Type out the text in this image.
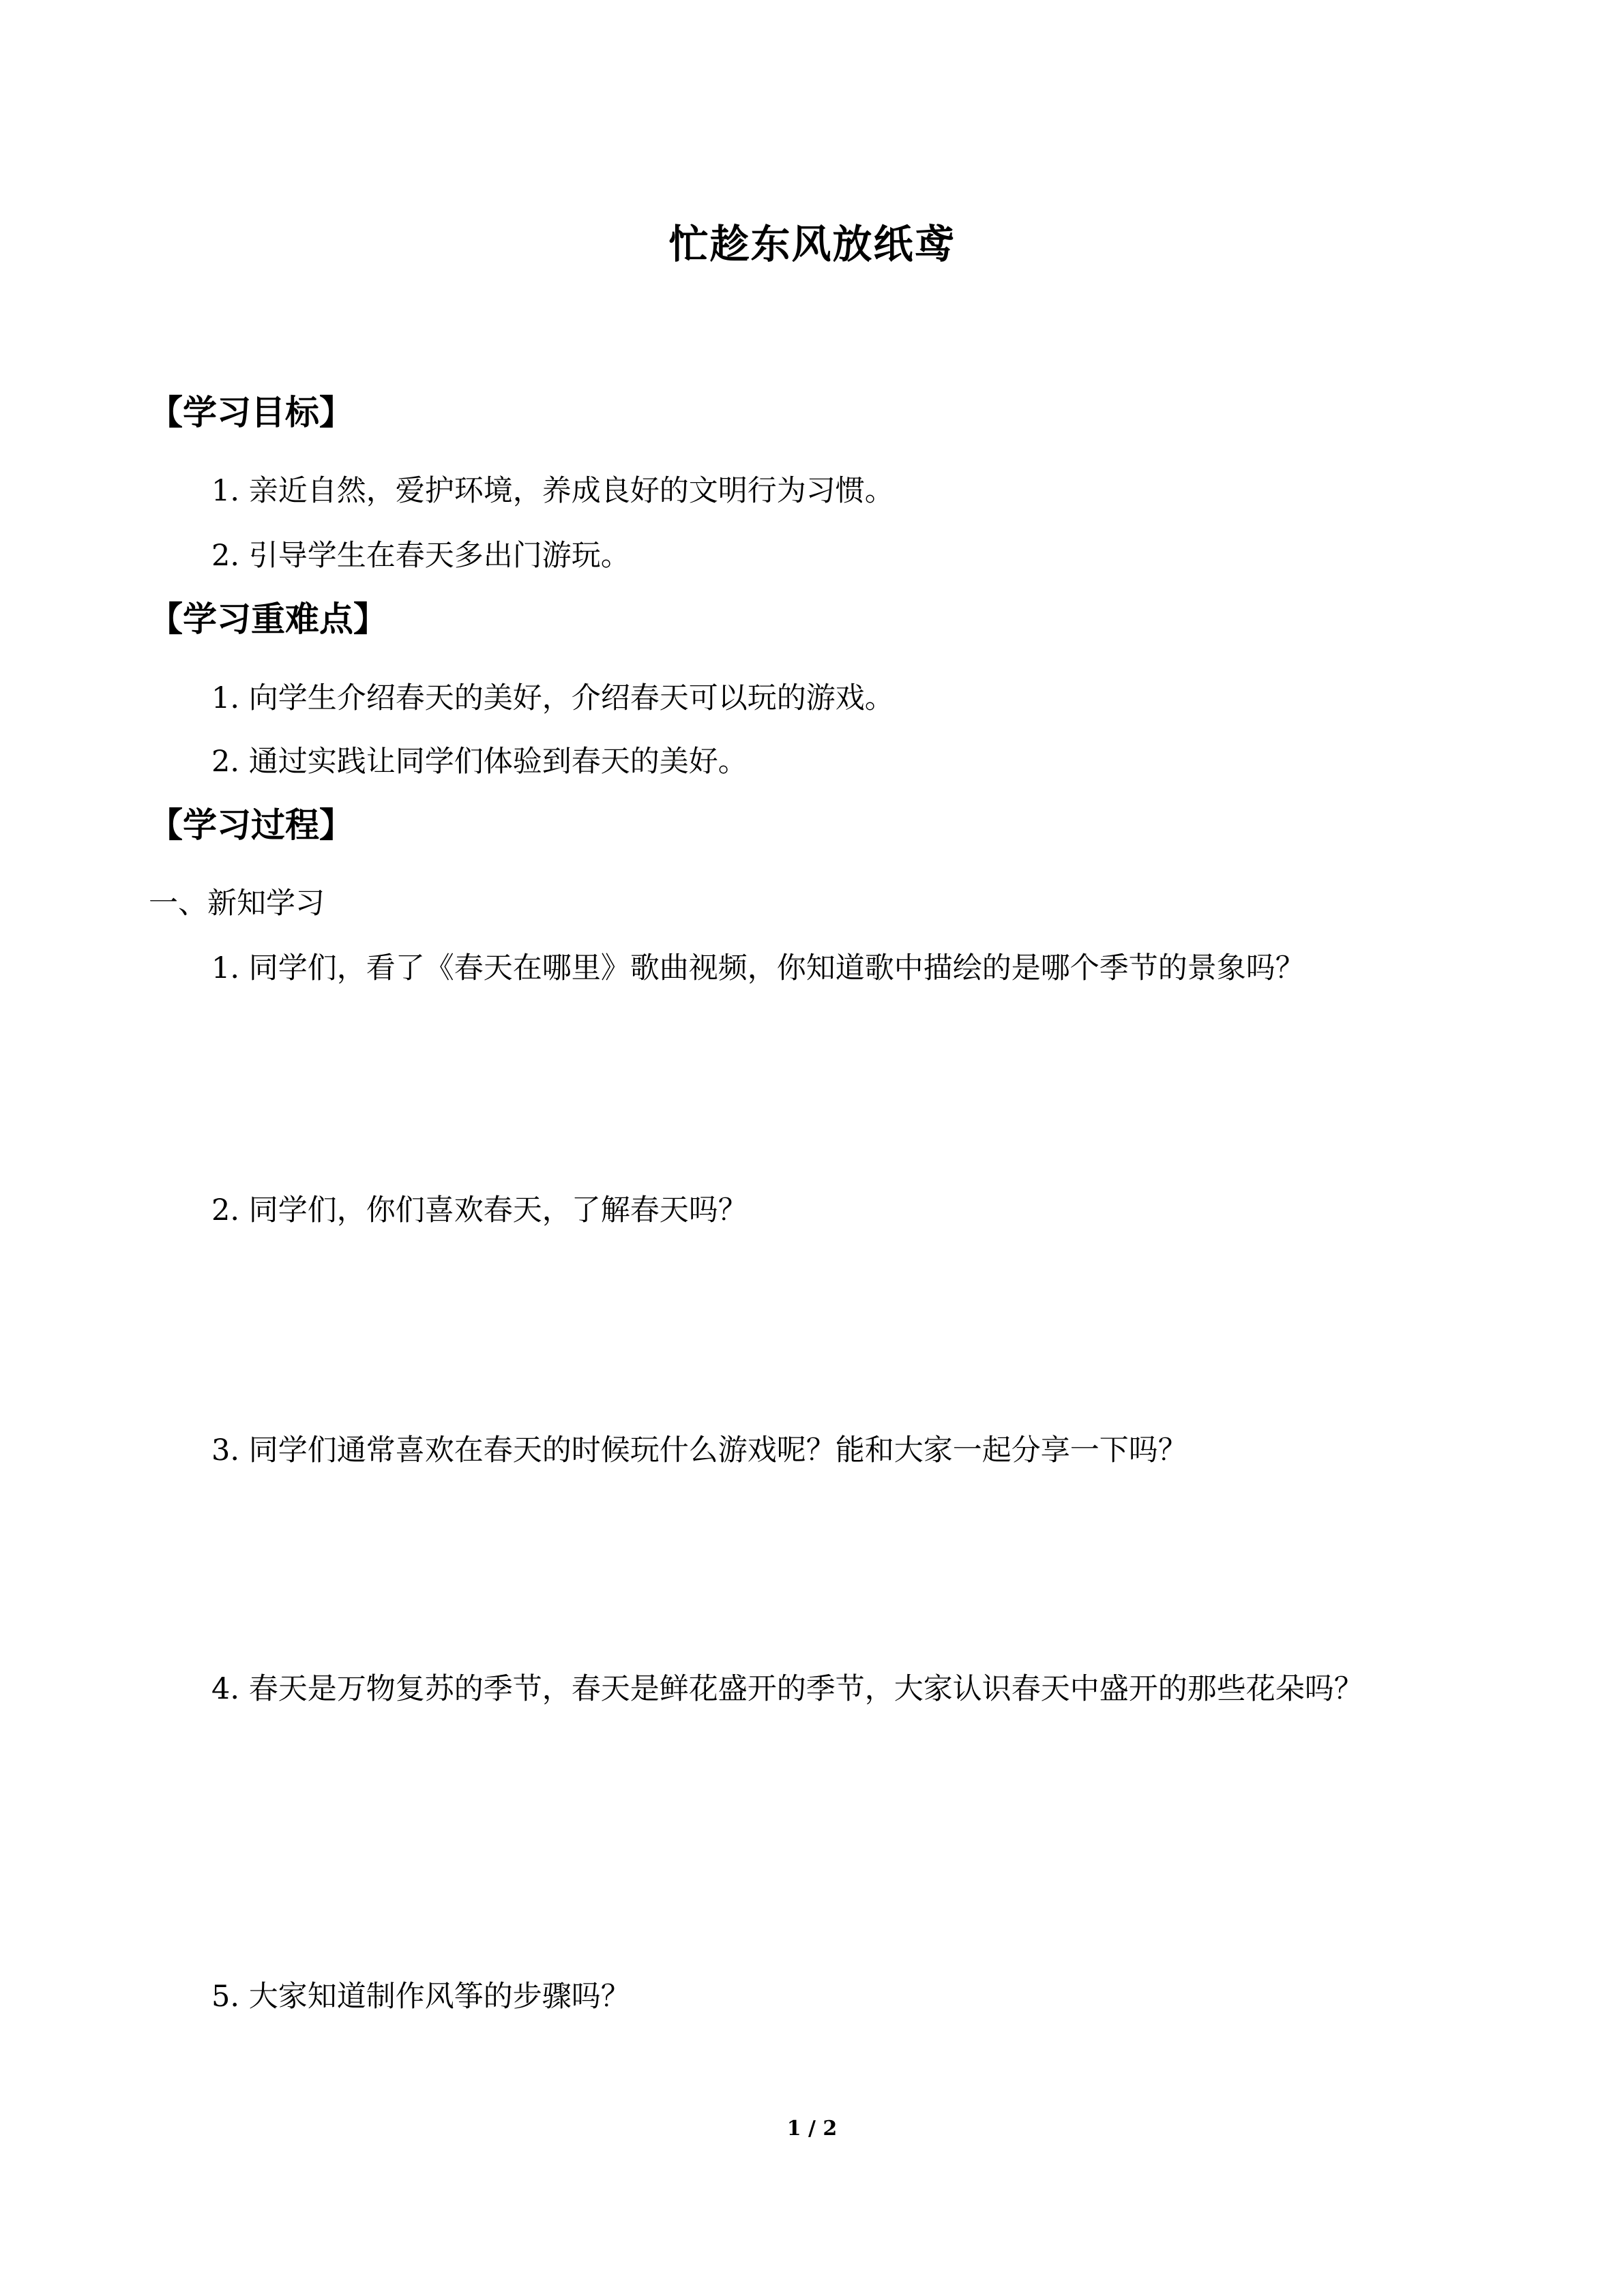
忙趁东风放纸鸢
【学习目标】
1. 亲近自然，爱护环境，养成良好的文明行为习惯。
2. 引导学生在春天多出门游玩。
【学习重难点】
1. 向学生介绍春天的美好，介绍春天可以玩的游戏。
2. 通过实践让同学们体验到春天的美好。
【学习过程】
一、新知学习
1. 同学们，看了《春天在哪里》歌曲视频，你知道歌中描绘的是哪个季节的景象吗？
2. 同学们，你们喜欢春天，了解春天吗？
3. 同学们通常喜欢在春天的时候玩什么游戏呢？能和大家一起分享一下吗？
4. 春天是万物复苏的季节，春天是鲜花盛开的季节，大家认识春天中盛开的那些花朵吗？
5. 大家知道制作风筝的步骤吗？
1 / 2
